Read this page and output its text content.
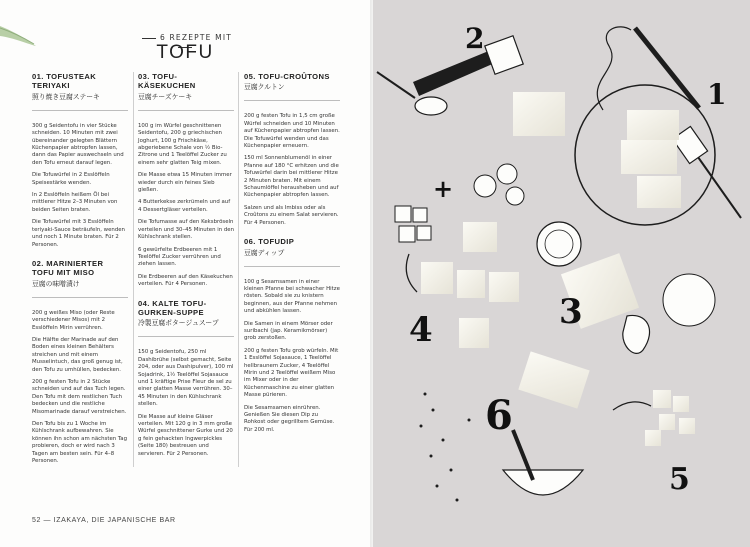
6 REZEPTE MIT
TOFU
01. TOFUSTEAK TERIYAKI
照り焼き豆腐ステーキ

300 g Seidentofu in vier Stücke schneiden. 10 Minuten mit zwei übereinander gelegten Blättern Küchenpapier abtropfen lassen, dann das Papier auswechseln und den Tofu erneut darauf legen.

Die Tofuwürfel in 2 Esslöffeln Speisestärke wenden.

In 2 Esslöffeln heißem Öl bei mittlerer Hitze 2–3 Minuten von beiden Seiten braten.

Die Tofuwürfel mit 3 Esslöffeln teriyaki-Sauce beträufeln, wenden und noch 1 Minute braten. Für 2 Personen.

02. MARINIERTER TOFU MIT MISO
豆腐の味噌漬け

200 g weißes Miso (oder Reste verschiedener Misos) mit 2 Esslöffeln Mirin verrühren.

Die Hälfte der Marinade auf den Boden eines kleinen Behälters streichen und mit einem Musselintuch, das groß genug ist, den Tofu zu umhüllen, bedecken.

200 g festen Tofu in 2 Stücke schneiden und auf das Tuch legen. Den Tofu mit dem restlichen Tuch bedecken und die restliche Misomarinade darauf verstreichen.

Den Tofu bis zu 1 Woche im Kühlschrank aufbewahren. Sie können ihn schon am nächsten Tag probieren, doch er wird nach 3 Tagen am besten sein. Für 4–8 Personen.

03. TOFU-KÄSEKUCHEN
豆腐チーズケーキ

100 g im Würfel geschnittenen Seidentofu, 200 g griechischen Joghurt, 100 g Frischkäse, abgeriebene Schale von ½ Bio-Zitrone und 1 Teelöffel Zucker zu einem sehr glatten Teig mixen.

Die Masse etwa 15 Minuten immer wieder durch ein feines Sieb gießen.

4 Butterkekse zerkrümeln und auf 4 Dessertgläser verteilen.

Die Tofumasse auf den Keksbröseln verteilen und 30–45 Minuten in den Kühlschrank stellen.

6 gewürfelte Erdbeeren mit 1 Teelöffel Zucker verrühren und ziehen lassen.

Die Erdbeeren auf den Käsekuchen verteilen. Für 4 Personen.

04. KALTE TOFU-GURKEN-SUPPE
冷製豆腐ポタージュスープ

150 g Seidentofu, 250 ml Dashibrühe (selbst gemacht, Seite 204, oder aus Dashipulver), 100 ml Sojadrink, 1½ Teelöffel Sojasauce und 1 kräftige Prise Fleur de sel zu einer glatten Masse verrühren. 30–45 Minuten in den Kühlschrank stellen.

Die Masse auf kleine Gläser verteilen. Mit 120 g in 3 mm große Würfel geschnittener Gurke und 20 g fein gehackten Ingwerpickles (Seite 180) bestreuen und servieren. Für 2 Personen.

05. TOFU-CROÛTONS
豆腐クルトン

200 g festen Tofu in 1,5 cm große Würfel schneiden und 10 Minuten auf Küchenpapier abtropfen lassen. Die Tofuwürfel wenden und das Küchenpapier erneuern.

150 ml Sonnenblumenöl in einer Pfanne auf 180 °C erhitzen und die Tofuwürfel darin bei mittlerer Hitze 2 Minuten braten. Mit einem Schaumlöffel herausheben und auf Küchenpapier abtropfen lassen.

Salzen und als Imbiss oder als Croûtons zu einem Salat servieren. Für 4 Personen.

06. TOFUDIP
豆腐ディップ

100 g Sesamsamen in einer kleinen Pfanne bei schwacher Hitze rösten. Sobald sie zu knistern beginnen, aus der Pfanne nehmen und abkühlen lassen.

Die Samen in einem Mörser oder suribachi (jap. Keramikmörser) grob zerstoßen.

200 g festen Tofu grob würfeln. Mit 1 Esslöffel Sojasauce, 1 Teelöffel hellbraunem Zucker, 4 Teelöffel Mirin und 2 Teelöffel weißem Miso im Mixer oder in der Küchenmaschine zu einer glatten Masse pürieren.

Die Sesamsamen einrühren. Genießen Sie diesen Dip zu Rohkost oder gegrilltem Gemüse. Für 200 ml.

52 — IZAKAYA, DIE JAPANISCHE BAR
2
1
+
3
4
6
5
